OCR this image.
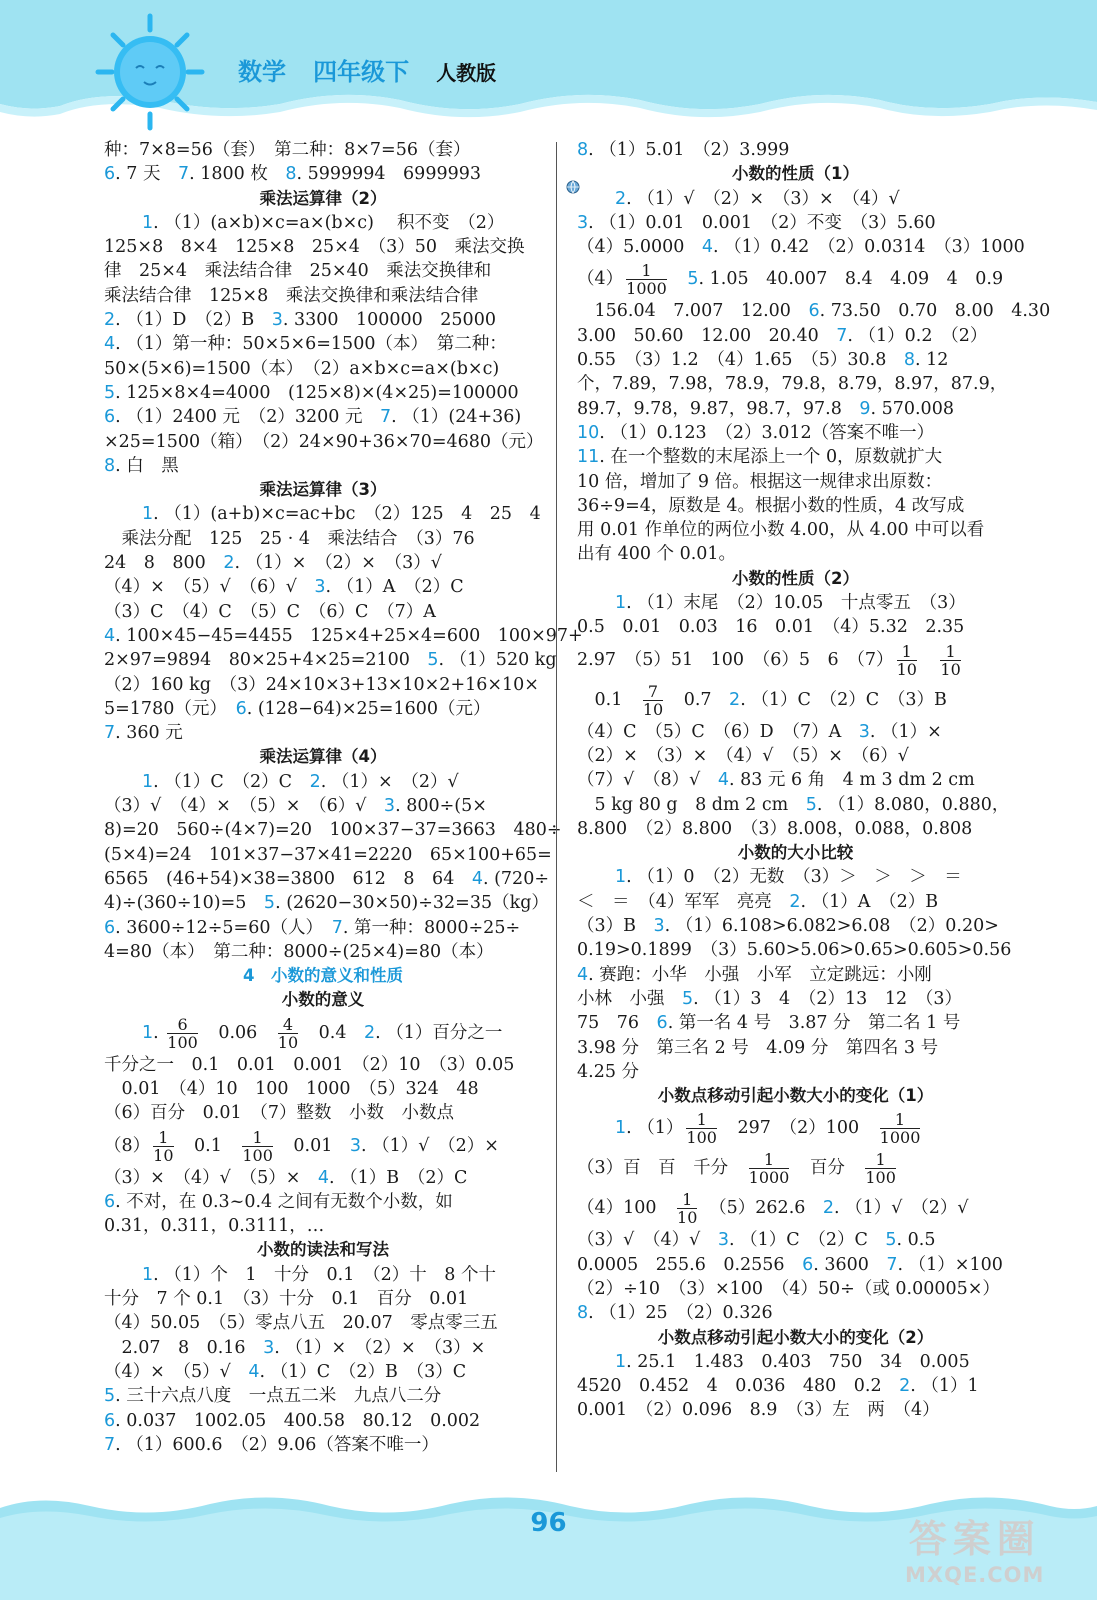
数学 四年级下 人教版
种：7×8=56（套）　第二种：8×7=56（套）
6. 7 天　7. 1800 枚　8. 5999994　6999993
乘法运算律（2）
1. （1）(a×b)×c=a×(b×c)　 积不变　（2）
125×8　8×4　125×8　25×4　（3）50　乘法交换
律　25×4　乘法结合律　25×40　乘法交换律和
乘法结合律　125×8　乘法交换律和乘法结合律
2. （1）D　（2）B　3. 3300　100000　25000
4. （1）第一种：50×5×6=1500（本）　第二种：
50×(5×6)=1500（本）　（2）a×b×c=a×(b×c)
5. 125×8×4=4000　(125×8)×(4×25)=100000
6. （1）2400 元　（2）3200 元　7. （1）(24+36)
×25=1500（箱）　（2）24×90+36×70=4680（元）
8. 白　黑
乘法运算律（3）
1. （1）(a+b)×c=ac+bc　（2）125　4　25　4
　乘法分配　125　25 · 4　乘法结合　（3）76
24　8　800　2. （1）×　（2）×　（3）√
（4）×　（5）√　（6）√　3. （1）A　（2）C
（3）C　（4）C　（5）C　（6）C　（7）A
4. 100×45−45=4455　125×4+25×4=600　100×97+
2×97=9894　80×25+4×25=2100　5. （1）520 kg
（2）160 kg　（3）24×10×3+13×10×2+16×10×
5=1780（元）　6. (128−64)×25=1600（元）
7. 360 元
乘法运算律（4）
1. （1）C　（2）C　2. （1）×　（2）√
（3）√　（4）×　（5）×　（6）√　3. 800÷(5×
8)=20　560÷(4×7)=20　100×37−37=3663　480÷
(5×4)=24　101×37−37×41=2220　65×100+65=
6565　(46+54)×38=3800　612　8　64　4. (720÷
4)÷(360÷10)=5　5. (2620−30×50)÷32=35（kg）
6. 3600÷12÷5=60（人）　7. 第一种：8000÷25÷
4=80（本）　第二种：8000÷(25×4)=80（本）
4　小数的意义和性质
小数的意义
1. $\frac{6}{100}$ 　0.06　 $\frac{4}{10}$ 　0.4　2. （1）百分之一
千分之一　0.1　0.01　0.001　（2）10　（3）0.05
　0.01　（4）10　100　1000　（5）324　48
（6）百分　0.01　（7）整数　小数　小数点
$(8) \frac{1}{10}$ 　0.1　 $\frac{1}{100}$ 　0.01　3. （1）√　（2）×
（3）×　（4）√　（5）×　4. （1）B　（2）C
6. 不对，在 0.3~0.4 之间有无数个小数，如
0.31，0.311，0.3111，…
小数的读法和写法
1. （1）个　1　十分　0.1　（2）十　8 个十
十分　7 个 0.1　（3）十分　0.1　百分　0.01
（4）50.05　（5）零点八五　20.07　零点零三五
　2.07　8　0.16　3. （1）×　（2）×　（3）×
（4）×　（5）√　4. （1）C　（2）B　（3）C
5. 三十六点八度　一点五二米　九点八二分
6. 0.037　1002.05　400.58　80.12　0.002
7. （1）600.6　（2）9.06（答案不唯一）
8. （1）5.01　（2）3.999
小数的性质（1）
2. （1）√　（2）×　（3）×　（4）√
3. （1）0.01　0.001　（2）不变　（3）5.60
（4）5.0000　4. （1）0.42　（2）0.0314　（3）1000
$(4) \frac{1}{1000}$
　 5. 1.05　40.007　8.4　4.09　4　0.9
　156.04　7.007　12.00　6. 73.50　0.70　8.00　4.30
3.00　50.60　12.00　20.40　7. （1）0.2　（2）
0.55　（3）1.2　（4）1.65　（5）30.8　8. 12
个，7.89，7.98，78.9，79.8，8.79，8.97，87.9，
89.7，9.78，9.87，98.7，97.8　9. 570.008
10. （1）0.123　（2）3.012（答案不唯一）
11. 在一个整数的末尾添上一个 0，原数就扩大
10 倍，增加了 9 倍。根据这一规律求出原数：
36÷9=4，原数是 4。根据小数的性质，4 改写成
用 0.01 作单位的两位小数 4.00，从 4.00 中可以看
出有 400 个 0.01。
小数的性质（2）
1. （1）末尾　（2）10.05　十点零五　（3）
0.5　0.01　0.03　16　0.01　（4）5.32　2.35
2.97　（5）51　100　（6）5　6　$(7) \frac{1}{10}$
　 $\frac{1}{10}$
　0.1　 $\frac{7}{10}$ 　0.7　2. （1）C　（2）C　（3）B
（4）C　（5）C　（6）D　（7）A　3. （1）×
（2）×　（3）×　（4）√　（5）×　（6）√
（7）√　（8）√　4. 83 元 6 角　4 m 3 dm 2 cm
　5 kg 80 g　8 dm 2 cm　5. （1）8.080，0.880，
8.800　（2）8.800　（3）8.008，0.088，0.808
小数的大小比较
1. （1）0　（2）无数　（3）＞　＞　＞　＝
＜　＝　（4）军军　亮亮　2. （1）A　（2）B
（3）B　3. （1）6.108>6.082>6.08　（2）0.20>
0.19>0.1899　（3）5.60>5.06>0.65>0.605>0.56
4. 赛跑：小华　小强　小军　立定跳远：小刚
小林　小强　5. （1）3　4　（2）13　12　（3）
75　76　6. 第一名 4 号　3.87 分　第二名 1 号
3.98 分　第三名 2 号　4.09 分　第四名 3 号
4.25 分
小数点移动引起小数大小的变化（1）
1. $(1) \frac{1}{100}$ 　297　（2）100　 $\frac{1}{1000}$
（3）百　百　千分　 $\frac{1}{1000}$ 　百分　 $\frac{1}{100}$
（4）100　 $\frac{1}{10}$ 　（5）262.6　2. （1）√　（2）√
（3）√　（4）√　3. （1）C　（2）C　5. 0.5
0.0005　255.6　0.2556　6. 3600　7. （1）×100
（2）÷10　（3）×100　（4）50÷（或 0.00005×）
8. （1）25　（2）0.326
小数点移动引起小数大小的变化（2）
1. 25.1　1.483　0.403　750　34　0.005
4520　0.452　4　0.036　480　0.2　2. （1）1
0.001　（2）0.096　8.9　（3）左　两　（4）
96	答案圈
MXQE.COM
